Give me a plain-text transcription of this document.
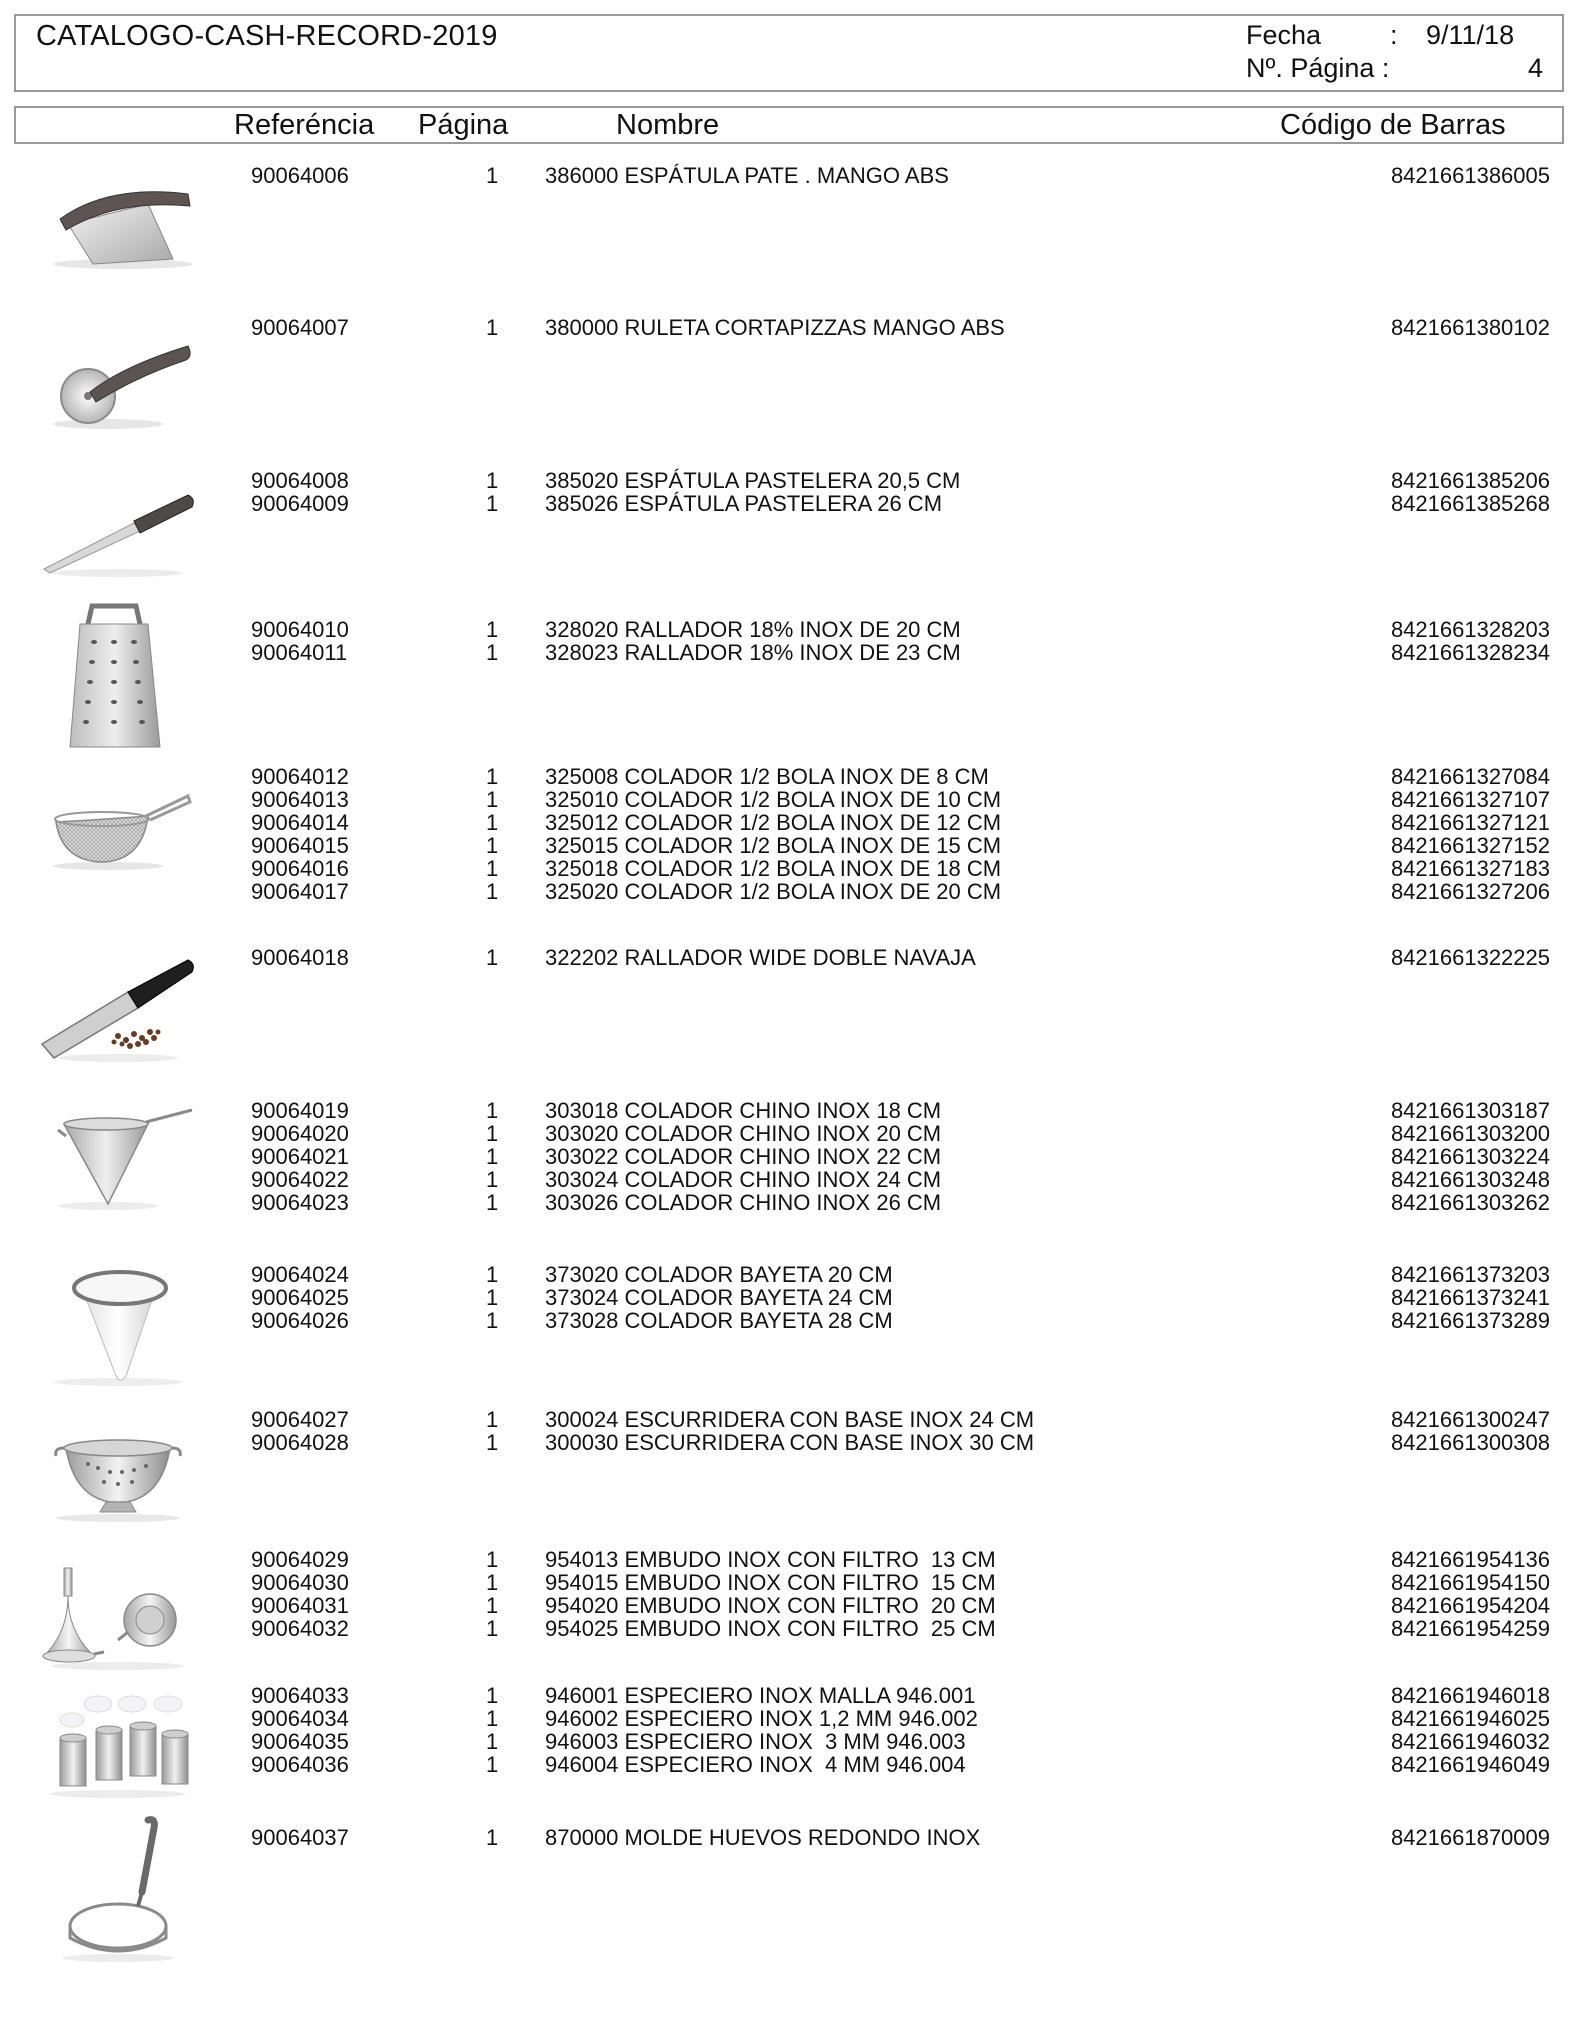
CATALOGO-CASH-RECORD-2019	Fecha	: 9/11/18
Nº. Página :	4
Referéncia Página	Nombre	Código de Barras
90064006	1 386000 ESPÁTULA PATE . MANGO ABS	8421661386005
90064007	1 380000 RULETA CORTAPIZZAS MANGO ABS	8421661380102
90064008	1 385020 ESPÁTULA PASTELERA 20,5 CM	8421661385206
90064009	1 385026 ESPÁTULA PASTELERA 26 CM	8421661385268
90064010	1 328020 RALLADOR 18% INOX DE 20 CM	8421661328203
90064011	1 328023 RALLADOR 18% INOX DE 23 CM	8421661328234
90064012	1 325008 COLADOR 1/2 BOLA INOX DE 8 CM	8421661327084
90064013	1 325010 COLADOR 1/2 BOLA INOX DE 10 CM	8421661327107
90064014	1 325012 COLADOR 1/2 BOLA INOX DE 12 CM	8421661327121
90064015	1 325015 COLADOR 1/2 BOLA INOX DE 15 CM	8421661327152
90064016	1 325018 COLADOR 1/2 BOLA INOX DE 18 CM	8421661327183
90064017	1 325020 COLADOR 1/2 BOLA INOX DE 20 CM	8421661327206
90064018	1 322202 RALLADOR WIDE DOBLE NAVAJA	8421661322225
90064019	1 303018 COLADOR CHINO INOX 18 CM	8421661303187
90064020	1 303020 COLADOR CHINO INOX 20 CM	8421661303200
90064021	1 303022 COLADOR CHINO INOX 22 CM	8421661303224
90064022	1 303024 COLADOR CHINO INOX 24 CM	8421661303248
90064023	1 303026 COLADOR CHINO INOX 26 CM	8421661303262
90064024	1 373020 COLADOR BAYETA 20 CM	8421661373203
90064025	1 373024 COLADOR BAYETA 24 CM	8421661373241
90064026	1 373028 COLADOR BAYETA 28 CM	8421661373289
90064027	1 300024 ESCURRIDERA CON BASE INOX 24 CM	8421661300247
90064028	1 300030 ESCURRIDERA CON BASE INOX 30 CM	8421661300308
90064029	1 954013 EMBUDO INOX CON FILTRO  13 CM	8421661954136
90064030	1 954015 EMBUDO INOX CON FILTRO  15 CM	8421661954150
90064031	1 954020 EMBUDO INOX CON FILTRO  20 CM	8421661954204
90064032	1 954025 EMBUDO INOX CON FILTRO  25 CM	8421661954259
90064033	1 946001 ESPECIERO INOX MALLA 946.001	8421661946018
90064034	1 946002 ESPECIERO INOX 1,2 MM 946.002	8421661946025
90064035	1 946003 ESPECIERO INOX  3 MM 946.003	8421661946032
90064036	1 946004 ESPECIERO INOX  4 MM 946.004	8421661946049
90064037	1 870000 MOLDE HUEVOS REDONDO INOX	8421661870009
